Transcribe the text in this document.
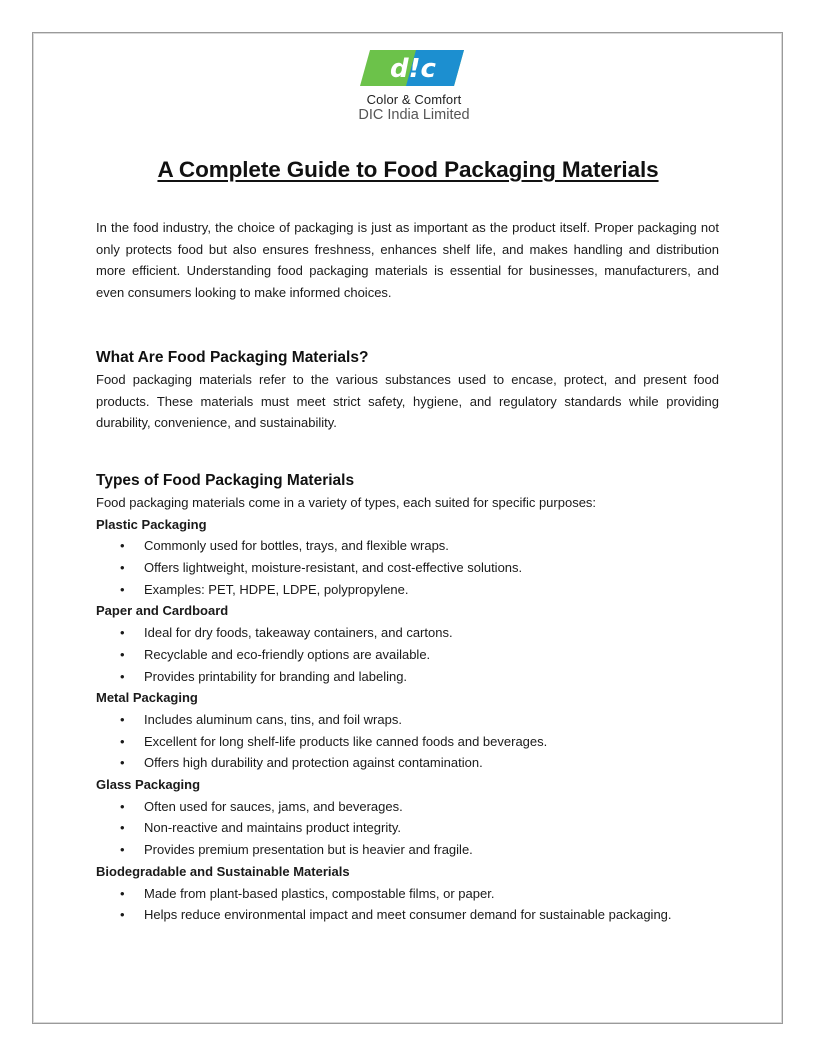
d!c
Color & Comfort
DIC India Limited
A Complete Guide to Food Packaging Materials

In the food industry, the choice of packaging is just as important as the product itself. Proper packaging not only protects food but also ensures freshness, enhances shelf life, and makes handling and distribution more efficient. Understanding food packaging materials is essential for businesses, manufacturers, and even consumers looking to make informed choices.

What Are Food Packaging Materials?

Food packaging materials refer to the various substances used to encase, protect, and present food products. These materials must meet strict safety, hygiene, and regulatory standards while providing durability, convenience, and sustainability.

Types of Food Packaging Materials

Food packaging materials come in a variety of types, each suited for specific purposes:

Plastic Packaging
• Commonly used for bottles, trays, and flexible wraps.
• Offers lightweight, moisture-resistant, and cost-effective solutions.
• Examples: PET, HDPE, LDPE, polypropylene.
Paper and Cardboard
• Ideal for dry foods, takeaway containers, and cartons.
• Recyclable and eco-friendly options are available.
• Provides printability for branding and labeling.
Metal Packaging
• Includes aluminum cans, tins, and foil wraps.
• Excellent for long shelf-life products like canned foods and beverages.
• Offers high durability and protection against contamination.
Glass Packaging
• Often used for sauces, jams, and beverages.
• Non-reactive and maintains product integrity.
• Provides premium presentation but is heavier and fragile.
Biodegradable and Sustainable Materials
• Made from plant-based plastics, compostable films, or paper.
• Helps reduce environmental impact and meet consumer demand for sustainable packaging.
